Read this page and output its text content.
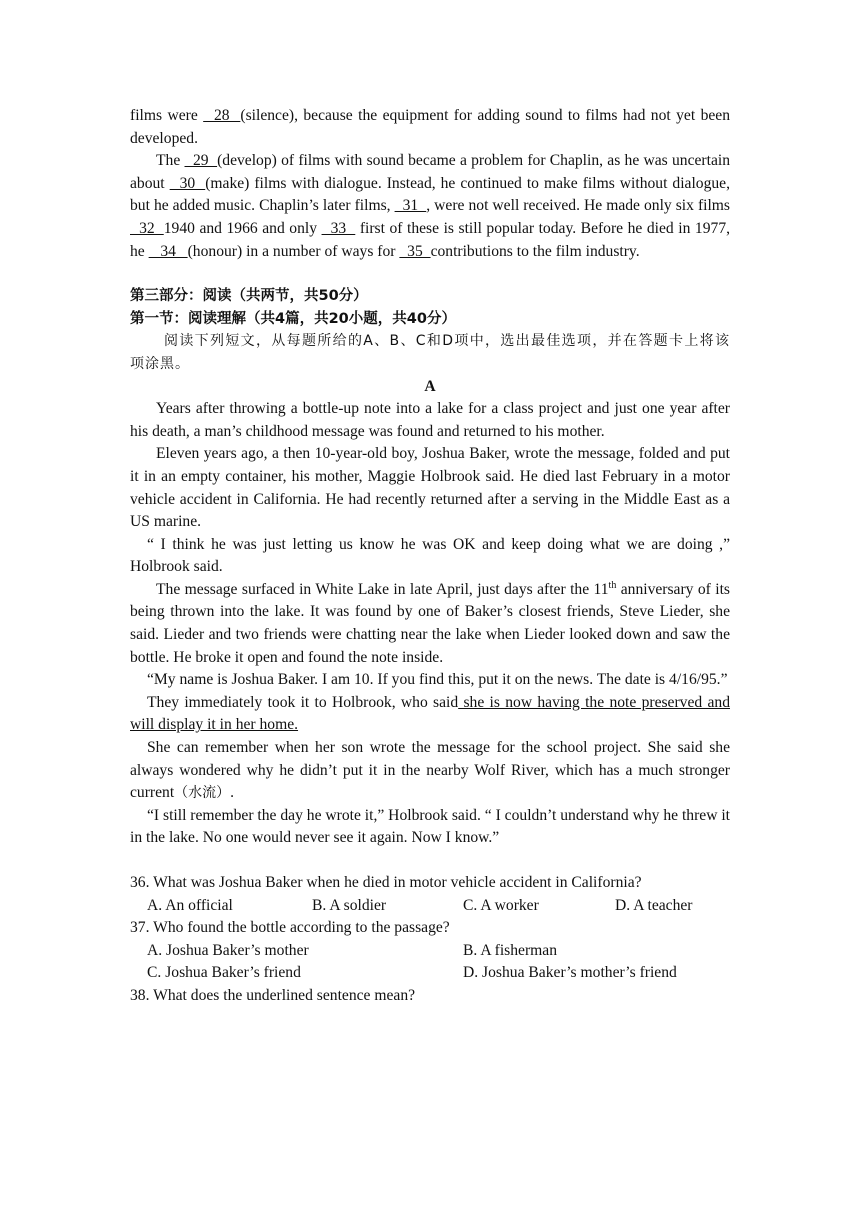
films were   28  (silence), because the equipment for adding sound to films had not yet been developed.

The   29  (develop) of films with sound became a problem for Chaplin, as he was uncertain about   30  (make) films with dialogue. Instead, he continued to make films without dialogue, but he added music. Chaplin’s later films,   31  , were not well received. He made only six films   32  1940 and 1966 and only   33   first of these is still popular today. Before he died in 1977, he    34   (honour) in a number of ways for   35  contributions to the film industry.

第三部分：阅读（共两节，共50分）

第一节：阅读理解（共4篇，共20小题，共40分）

阅读下列短文，从每题所给的A、B、C和D项中，选出最佳选项，并在答题卡上将该项涂黑。

A

Years after throwing a bottle-up note into a lake for a class project and just one year after his death, a man’s childhood message was found and returned to his mother.

Eleven years ago, a then 10-year-old boy, Joshua Baker, wrote the message, folded and put it in an empty container, his mother, Maggie Holbrook said. He died last February in a motor vehicle accident in California. He had recently returned after a serving in the Middle East as a US marine.

“ I think he was just letting us know he was OK and keep doing what we are doing ,” Holbrook said.

The message surfaced in White Lake in late April, just days after the 11th anniversary of its being thrown into the lake. It was found by one of Baker’s closest friends, Steve Lieder, she said. Lieder and two friends were chatting near the lake when Lieder looked down and saw the bottle. He broke it open and found the note inside.

“My name is Joshua Baker. I am 10. If you find this, put it on the news. The date is 4/16/95.”

They immediately took it to Holbrook, who said she is now having the note preserved and will display it in her home.

She can remember when her son wrote the message for the school project. She said she always wondered why he didn’t put it in the nearby Wolf River, which has a much stronger current（水流）.

“I still remember the day he wrote it,” Holbrook said. “ I couldn’t understand why he threw it in the lake. No one would never see it again. Now I know.”

36. What was Joshua Baker when he died in motor vehicle accident in California?

A. An official	B. A soldier	C. A worker	D. A teacher

37. Who found the bottle according to the passage?

A. Joshua Baker’s mother	B. A fisherman
C. Joshua Baker’s friend	D. Joshua Baker’s mother’s friend

38. What does the underlined sentence mean?
